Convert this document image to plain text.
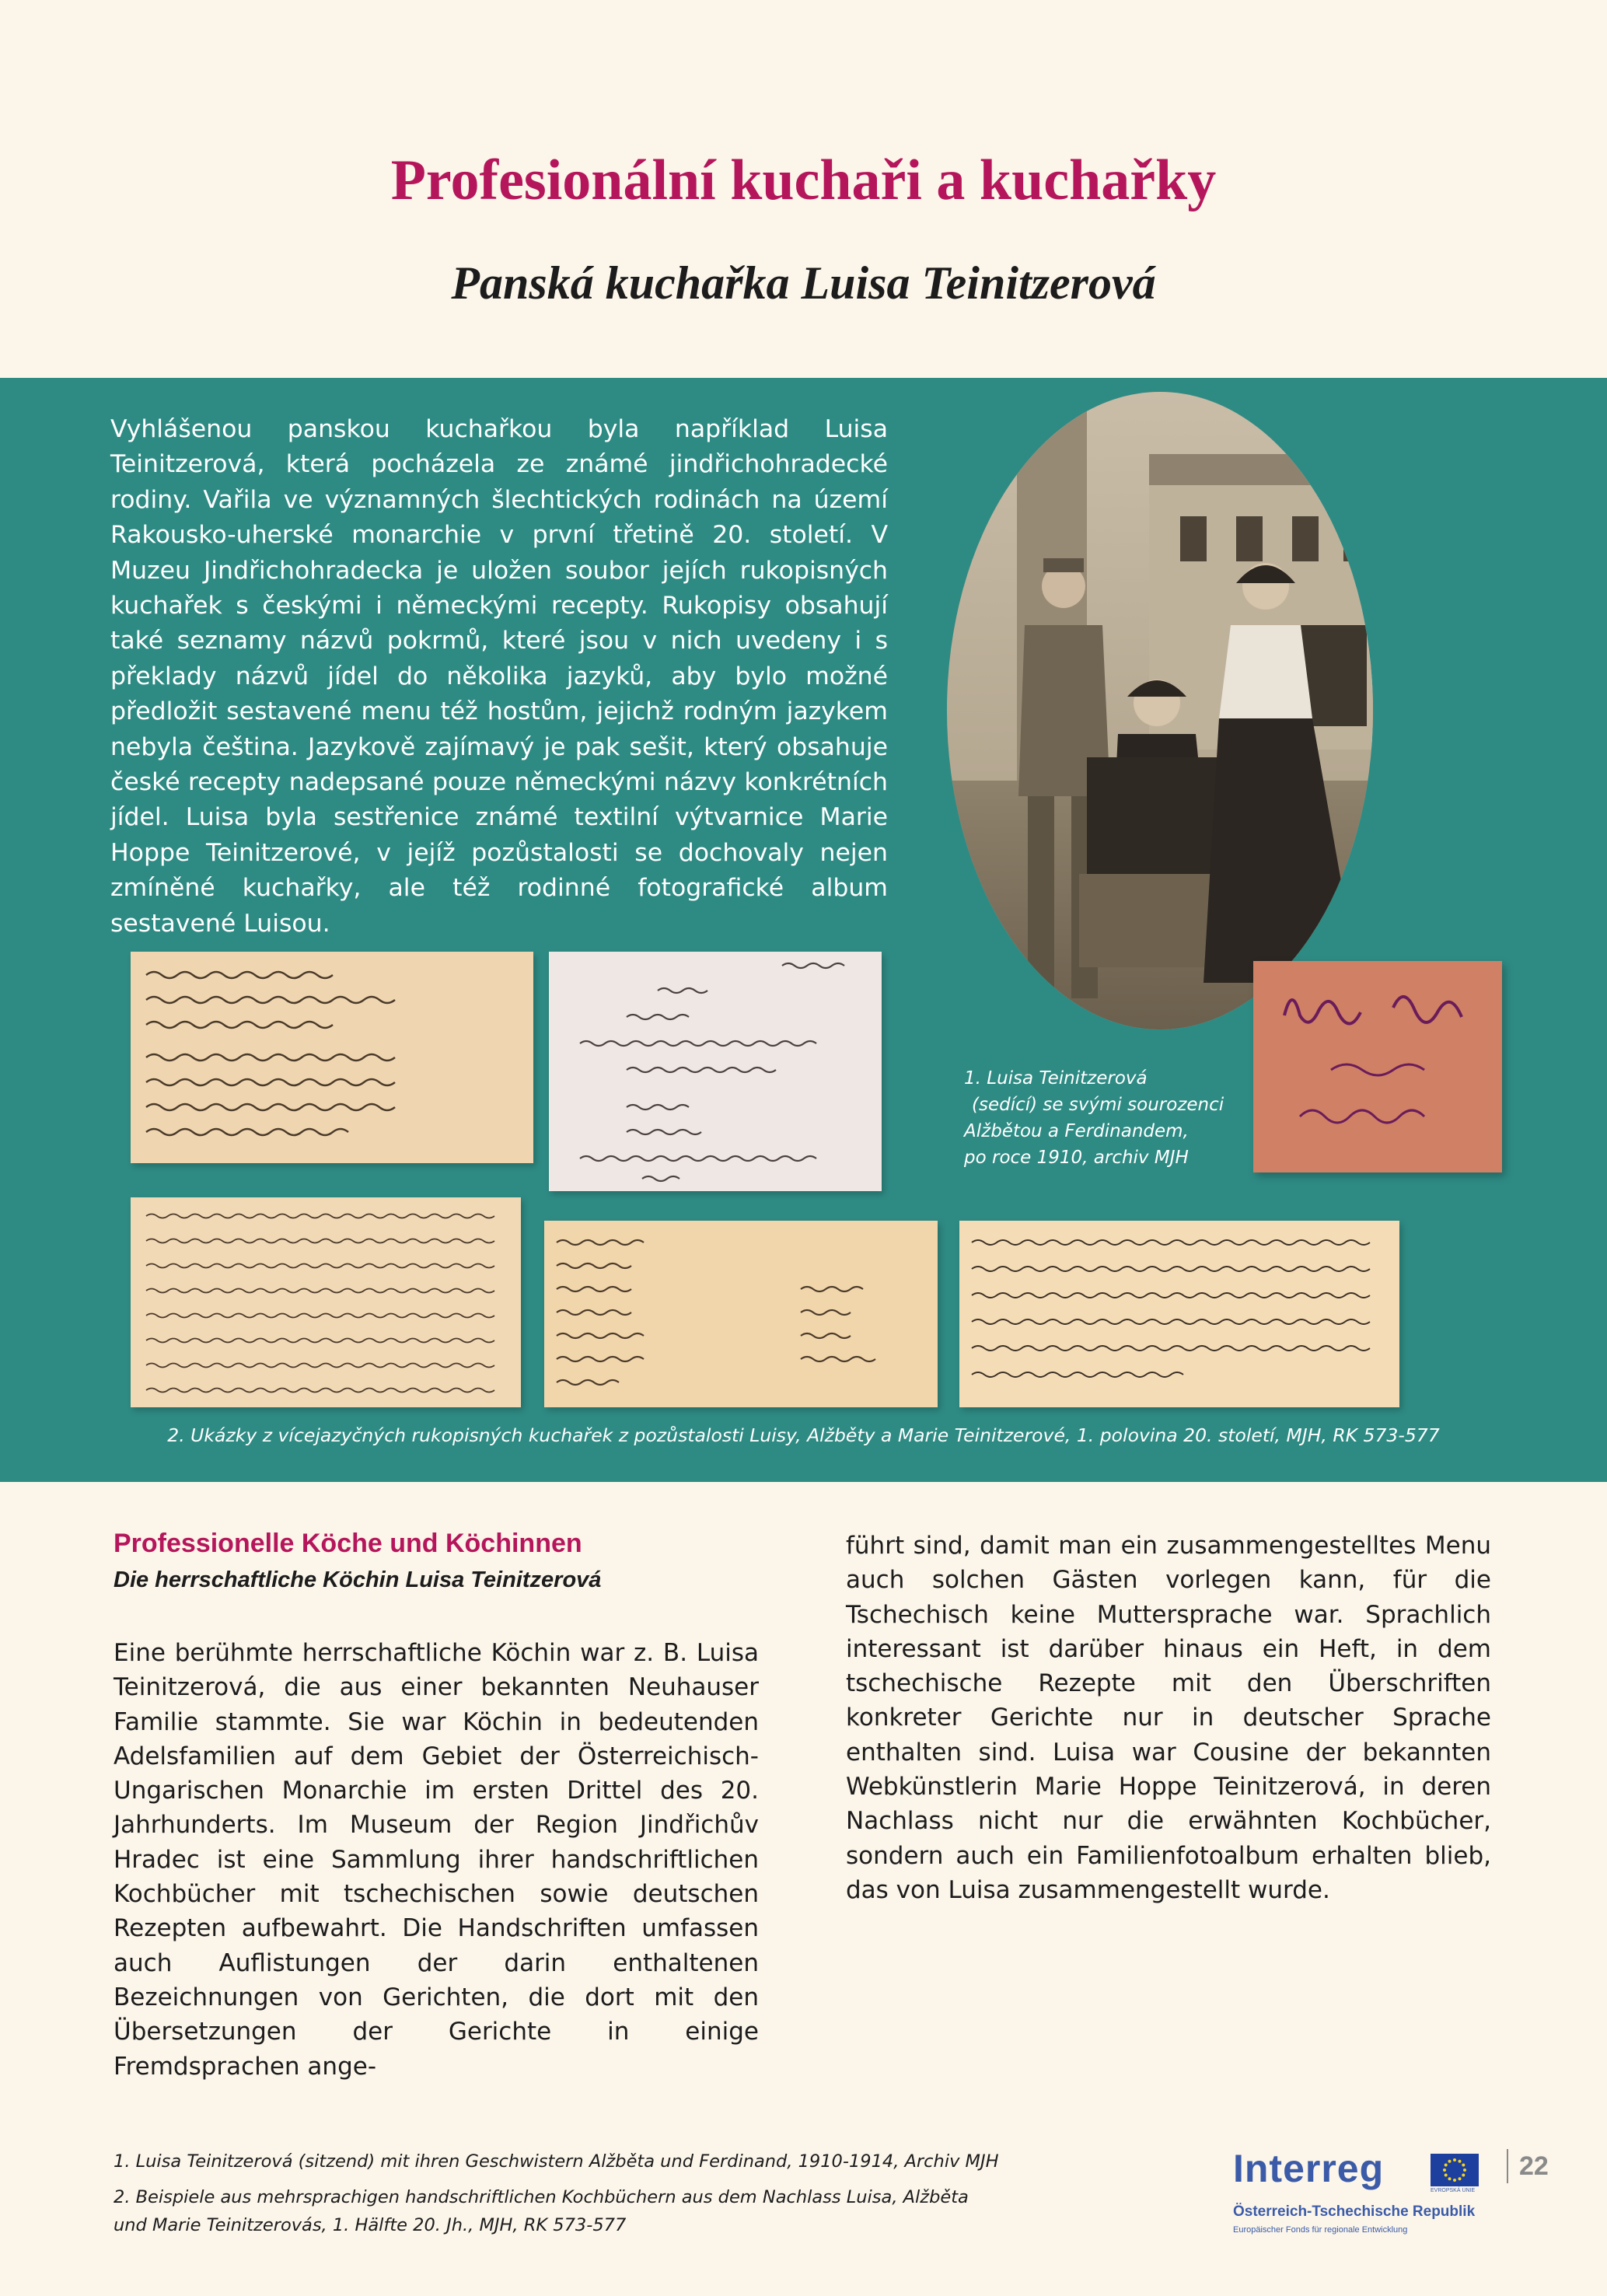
Profesionální kuchaři a kuchařky
Panská kuchařka Luisa Teinitzerová

Vyhlášenou panskou kuchařkou byla například Luisa Teinitzerová, která pocházela ze známé jindřichohradecké rodiny. Vařila ve významných šlechtických rodinách na území Rakousko-uherské monarchie v první třetině 20. století. V Muzeu Jindřichohradecka je uložen soubor jejích rukopisných kuchařek s českými i německými recepty. Rukopisy obsahují také seznamy názvů pokrmů, které jsou v nich uvedeny i s překlady názvů jídel do několika jazyků, aby bylo možné předložit sestavené menu též hostům, jejichž rodným jazykem nebyla čeština. Jazykově zajímavý je pak sešit, který obsahuje české recepty nadepsané pouze německými názvy konkrétních jídel. Luisa byla sestřenice známé textilní výtvarnice Marie Hoppe Teinitzerové, v jejíž pozůstalosti se dochovaly nejen zmíněné kuchařky, ale též rodinné fotografické album sestavené Luisou.

1. Luisa Teinitzerová
(sedící) se svými sourozenci
Alžbětou a Ferdinandem,
po roce 1910, archiv MJH

2. Ukázky z vícejazyčných rukopisných kuchařek z pozůstalosti Luisy, Alžběty a Marie Teinitzerové, 1. polovina 20. století, MJH, RK 573-577

Professionelle Köche und Köchinnen
Die herrschaftliche Köchin Luisa Teinitzerová

Eine berühmte herrschaftliche Köchin war z. B. Luisa Teinitzerová, die aus einer bekannten Neuhauser Familie stammte. Sie war Köchin in bedeutenden Adelsfamilien auf dem Gebiet der Österreichisch-Ungarischen Monarchie im ersten Drittel des 20. Jahrhunderts. Im Museum der Region Jindřichův Hradec ist eine Sammlung ihrer handschriftlichen Kochbücher mit tschechischen sowie deutschen Rezepten aufbewahrt. Die Handschriften umfassen auch Auflistungen der darin enthaltenen Bezeichnungen von Gerichten, die dort mit den Übersetzungen der Gerichte in einige Fremdsprachen ange-

führt sind, damit man ein zusammengestelltes Menu auch solchen Gästen vorlegen kann, für die Tschechisch keine Muttersprache war. Sprachlich interessant ist darüber hinaus ein Heft, in dem tschechische Rezepte mit den Überschriften konkreter Gerichte nur in deutscher Sprache enthalten sind. Luisa war Cousine der bekannten Webkünstlerin Marie Hoppe Teinitzerová, in deren Nachlass nicht nur die erwähnten Kochbücher, sondern auch ein Familienfotoalbum erhalten blieb, das von Luisa zusammengestellt wurde.

1. Luisa Teinitzerová (sitzend) mit ihren Geschwistern Alžběta und Ferdinand, 1910-1914, Archiv MJH
2. Beispiele aus mehrsprachigen handschriftlichen Kochbüchern aus dem Nachlass Luisa, Alžběta
und Marie Teinitzerovás, 1. Hälfte 20. Jh., MJH, RK 573-577
Interreg
EVROPSKÁ UNIE
Österreich-Tschechische Republik
Europäischer Fonds für regionale Entwicklung
22
